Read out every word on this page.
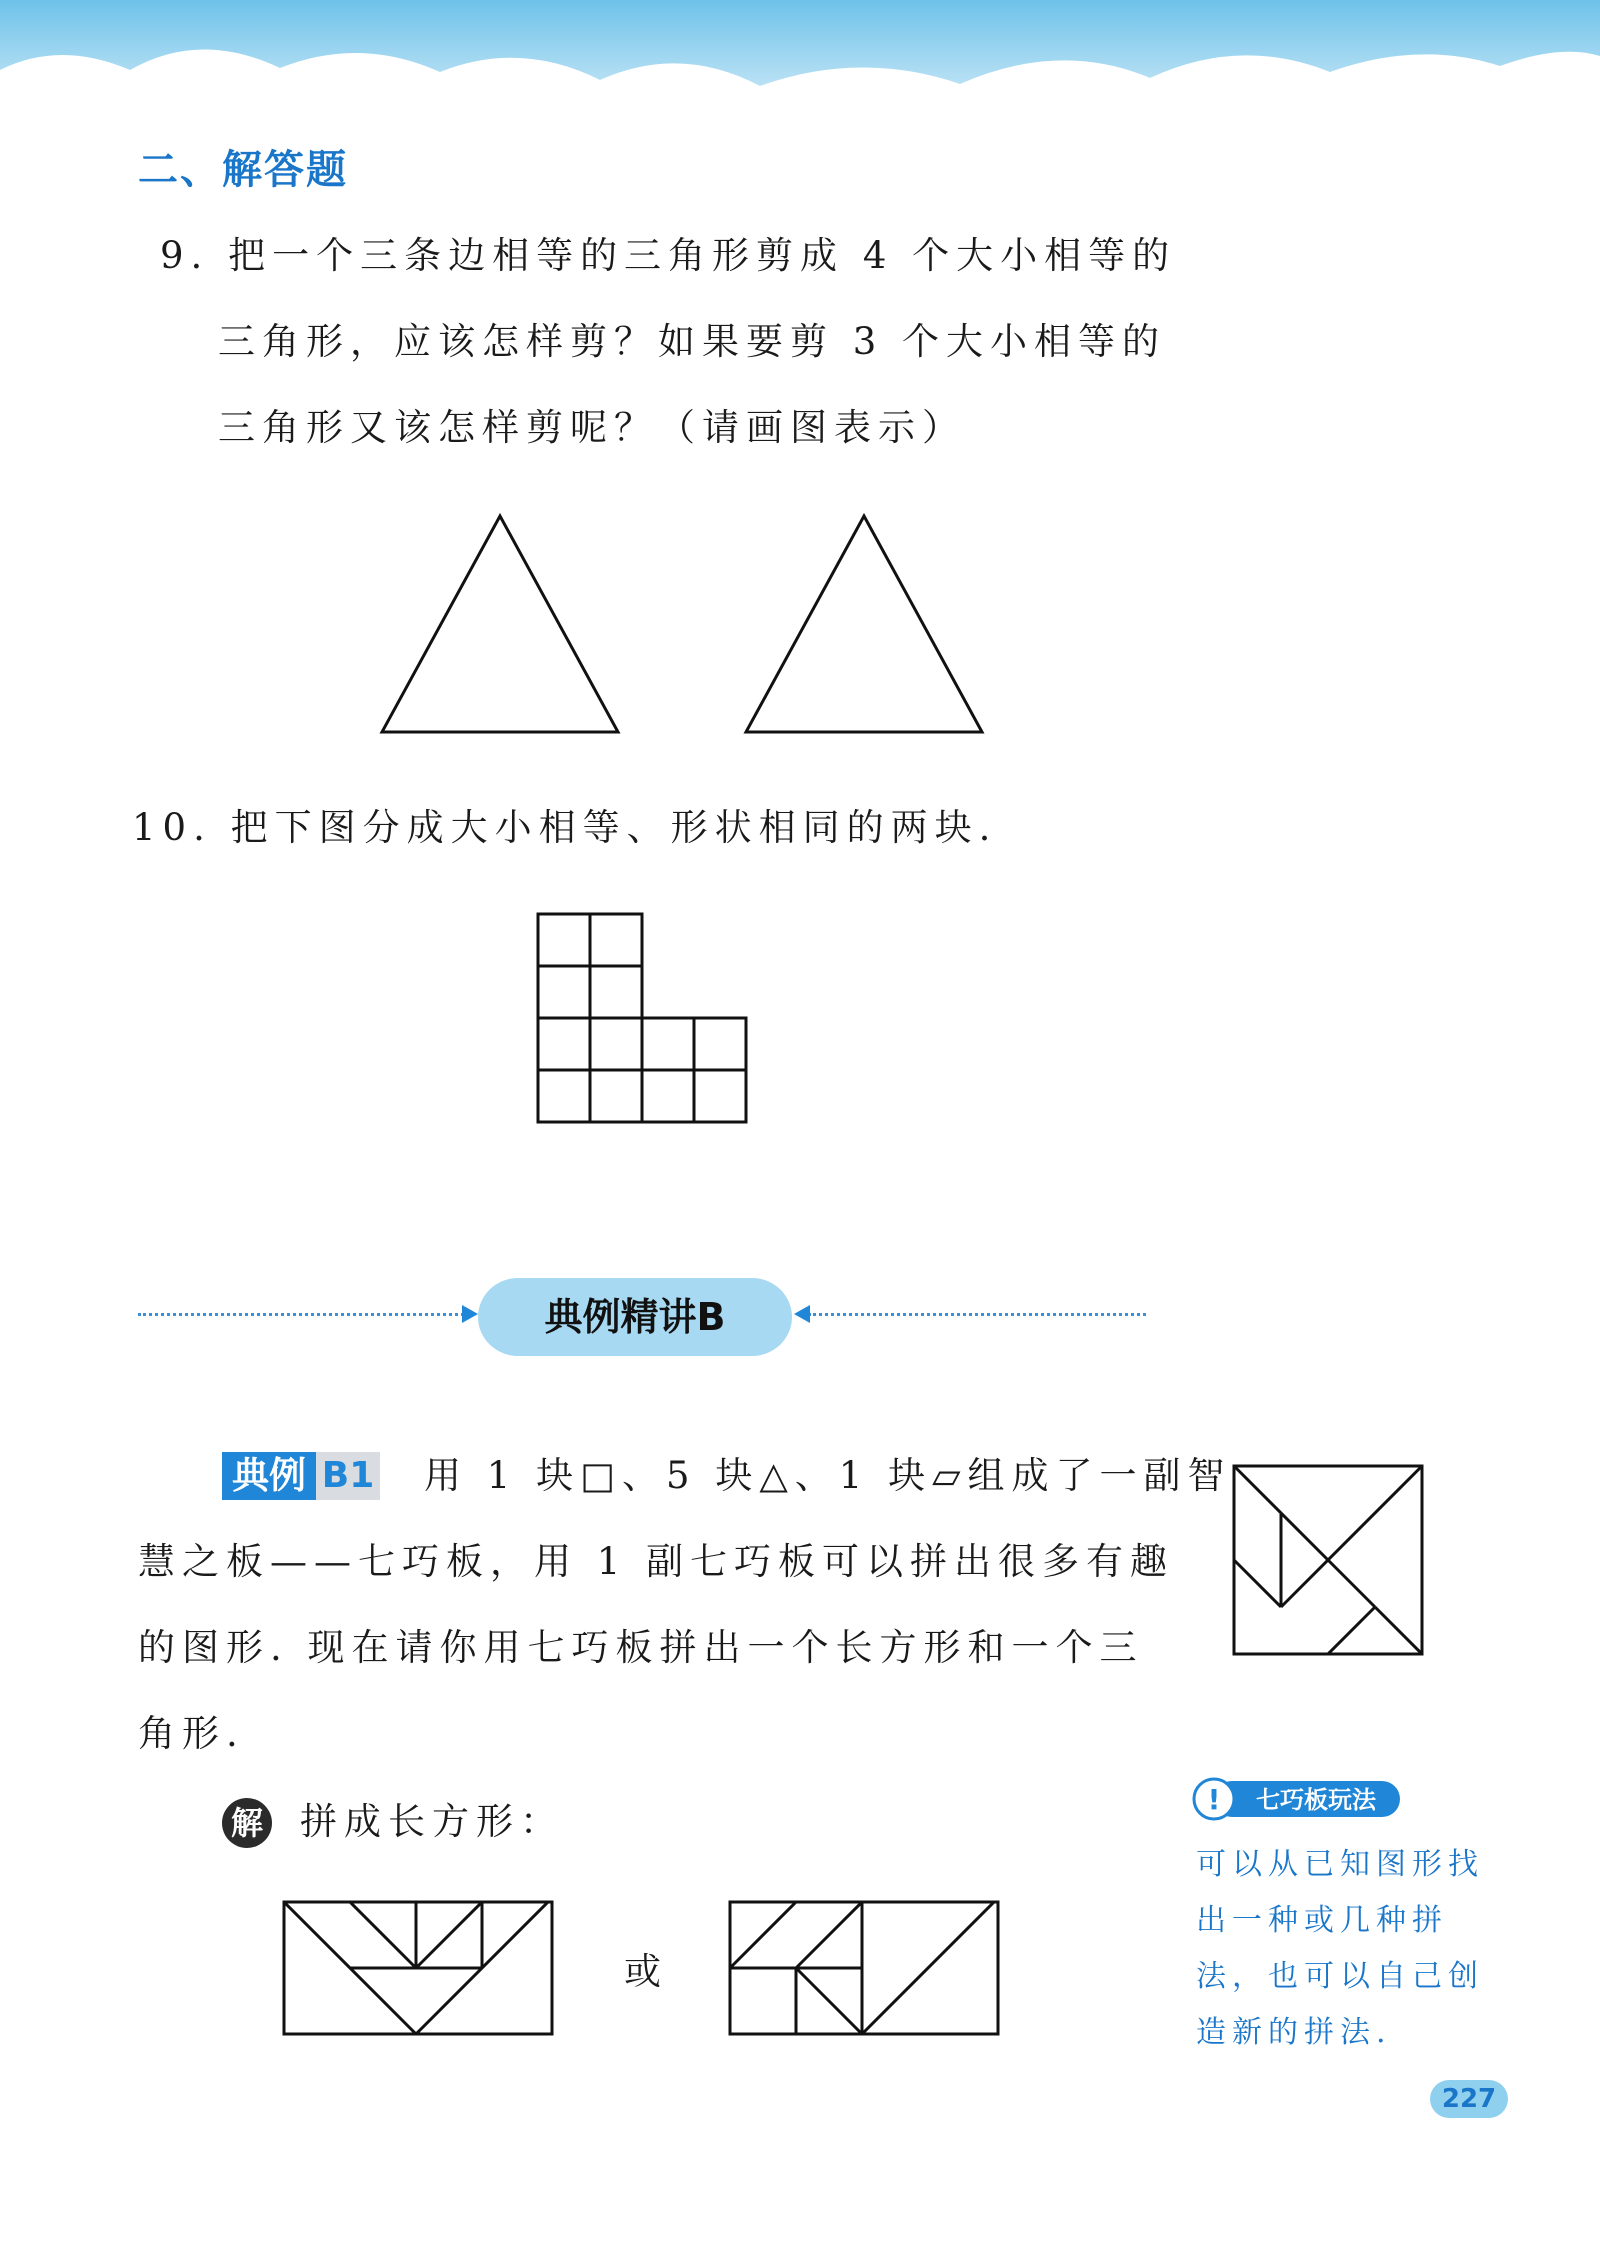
二、解答题
9. 把一个三条边相等的三角形剪成 4 个大小相等的
三角形，应该怎样剪？如果要剪 3 个大小相等的
三角形又该怎样剪呢？（请画图表示）
10. 把下图分成大小相等、形状相同的两块.
典例精讲B
典例 B1 用 1 块□、5 块△、1 块▱组成了一副智
慧之板——七巧板，用 1 副七巧板可以拼出很多有趣
的图形. 现在请你用七巧板拼出一个长方形和一个三
角形.
解 拼成长方形：
或
! 七巧板玩法
可以从已知图形找
出一种或几种拼
法，也可以自己创
造新的拼法.
227
